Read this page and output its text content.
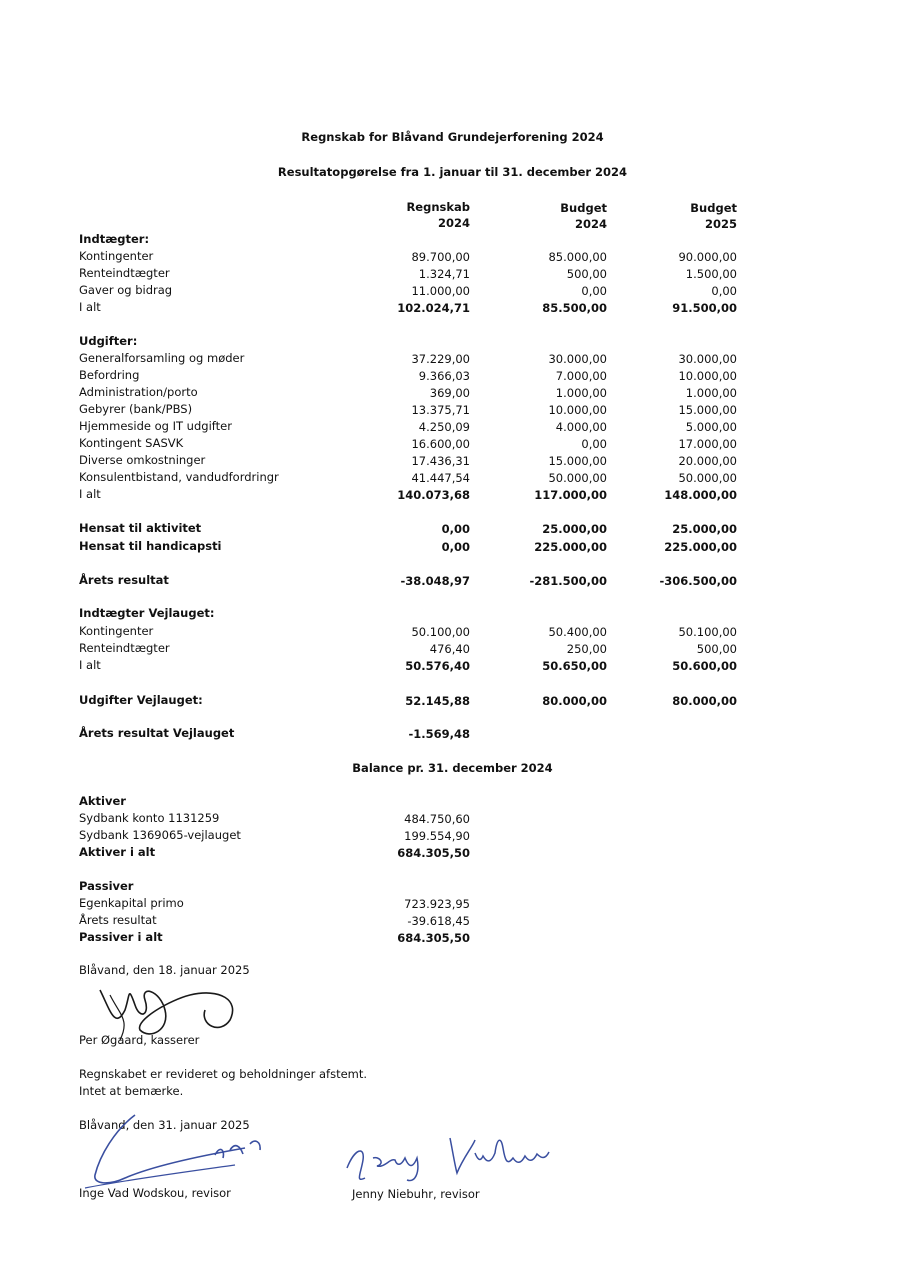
Regnskab for Blåvand Grundejerforening 2024
Resultatopgørelse fra 1. januar til 31. december 2024
Regnskab
2024
Budget
2024
Budget
2025
Indtægter:
Kontingenter	89.700,00	85.000,00	90.000,00
Renteindtægter	1.324,71	500,00	1.500,00
Gaver og bidrag	11.000,00	0,00	0,00
I alt	102.024,71	85.500,00	91.500,00
Udgifter:
Generalforsamling og møder	37.229,00	30.000,00	30.000,00
Befordring	9.366,03	7.000,00	10.000,00
Administration/porto	369,00	1.000,00	1.000,00
Gebyrer (bank/PBS)	13.375,71	10.000,00	15.000,00
Hjemmeside og IT udgifter	4.250,09	4.000,00	5.000,00
Kontingent SASVK	16.600,00	0,00	17.000,00
Diverse omkostninger	17.436,31	15.000,00	20.000,00
Konsulentbistand, vandudfordringr	41.447,54	50.000,00	50.000,00
I alt	140.073,68	117.000,00	148.000,00
Hensat til aktivitet	0,00	25.000,00	25.000,00
Hensat til handicapsti	0,00	225.000,00	225.000,00
Årets resultat	-38.048,97	-281.500,00	-306.500,00
Indtægter Vejlauget:
Kontingenter	50.100,00	50.400,00	50.100,00
Renteindtægter	476,40	250,00	500,00
I alt	50.576,40	50.650,00	50.600,00
Udgifter Vejlauget:	52.145,88	80.000,00	80.000,00
Årets resultat Vejlauget	-1.569,48
Balance pr. 31. december 2024
Aktiver
Sydbank konto 1131259	484.750,60
Sydbank 1369065-vejlauget	199.554,90
Aktiver i alt	684.305,50
Passiver
Egenkapital primo	723.923,95
Årets resultat	-39.618,45
Passiver i alt	684.305,50
Blåvand, den 18. januar 2025
Per Øgaard, kasserer
Regnskabet er revideret og beholdninger afstemt.
Intet at bemærke.
Blåvand, den 31. januar 2025
Inge Vad Wodskou, revisor	Jenny Niebuhr, revisor
